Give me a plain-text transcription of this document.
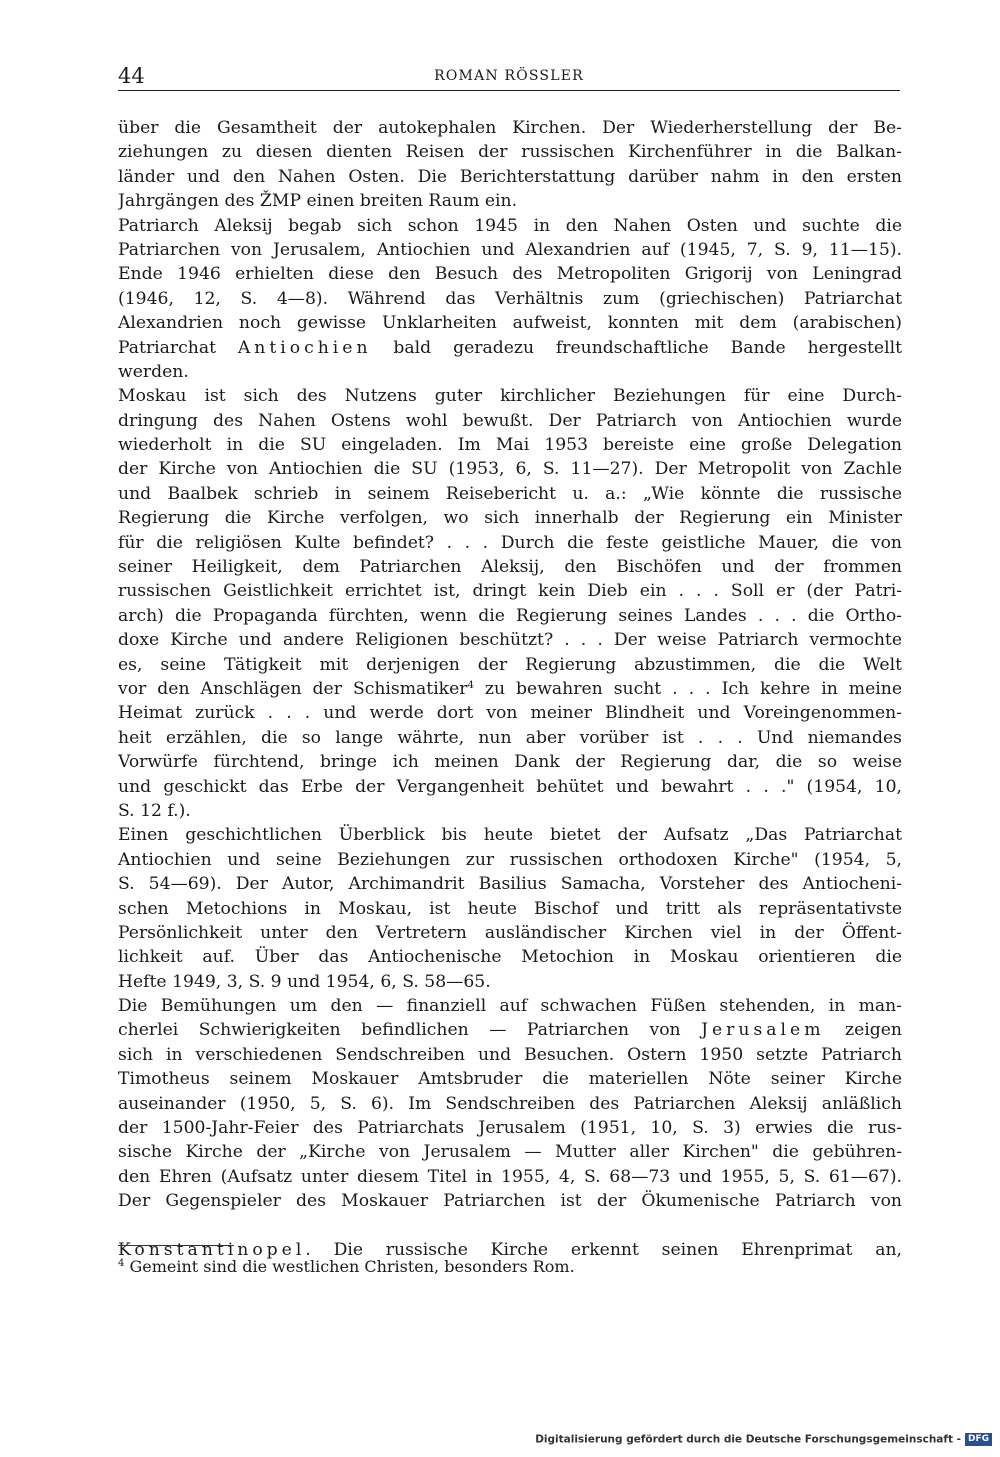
44	ROMAN RÖSSLER
über die Gesamtheit der autokephalen Kirchen. Der Wiederherstellung der Be-
ziehungen zu diesen dienten Reisen der russischen Kirchenführer in die Balkan-
länder und den Nahen Osten. Die Berichterstattung darüber nahm in den ersten
Jahrgängen des ŽMP einen breiten Raum ein.
Patriarch Aleksij begab sich schon 1945 in den Nahen Osten und suchte die
Patriarchen von Jerusalem, Antiochien und Alexandrien auf (1945, 7, S. 9, 11—15).
Ende 1946 erhielten diese den Besuch des Metropoliten Grigorij von Leningrad
(1946, 12, S. 4—8). Während das Verhältnis zum (griechischen) Patriarchat
Alexandrien noch gewisse Unklarheiten aufweist, konnten mit dem (arabischen)
Patriarchat Antiochien bald geradezu freundschaftliche Bande hergestellt
werden.
Moskau ist sich des Nutzens guter kirchlicher Beziehungen für eine Durch-
dringung des Nahen Ostens wohl bewußt. Der Patriarch von Antiochien wurde
wiederholt in die SU eingeladen. Im Mai 1953 bereiste eine große Delegation
der Kirche von Antiochien die SU (1953, 6, S. 11—27). Der Metropolit von Zachle
und Baalbek schrieb in seinem Reisebericht u. a.: „Wie könnte die russische
Regierung die Kirche verfolgen, wo sich innerhalb der Regierung ein Minister
für die religiösen Kulte befindet? . . . Durch die feste geistliche Mauer, die von
seiner Heiligkeit, dem Patriarchen Aleksij, den Bischöfen und der frommen
russischen Geistlichkeit errichtet ist, dringt kein Dieb ein . . . Soll er (der Patri-
arch) die Propaganda fürchten, wenn die Regierung seines Landes . . . die Ortho-
doxe Kirche und andere Religionen beschützt? . . . Der weise Patriarch vermochte
es, seine Tätigkeit mit derjenigen der Regierung abzustimmen, die die Welt
vor den Anschlägen der Schismatiker$^4$ zu bewahren sucht . . . Ich kehre in meine
Heimat zurück . . . und werde dort von meiner Blindheit und Voreingenommen-
heit erzählen, die so lange währte, nun aber vorüber ist . . . Und niemandes
Vorwürfe fürchtend, bringe ich meinen Dank der Regierung dar, die so weise
und geschickt das Erbe der Vergangenheit behütet und bewahrt . . ." (1954, 10,
S. 12 f.).
Einen geschichtlichen Überblick bis heute bietet der Aufsatz „Das Patriarchat
Antiochien und seine Beziehungen zur russischen orthodoxen Kirche" (1954, 5,
S. 54—69). Der Autor, Archimandrit Basilius Samacha, Vorsteher des Antiocheni-
schen Metochions in Moskau, ist heute Bischof und tritt als repräsentativste
Persönlichkeit unter den Vertretern ausländischer Kirchen viel in der Öffent-
lichkeit auf. Über das Antiochenische Metochion in Moskau orientieren die
Hefte 1949, 3, S. 9 und 1954, 6, S. 58—65.
Die Bemühungen um den — finanziell auf schwachen Füßen stehenden, in man-
cherlei Schwierigkeiten befindlichen — Patriarchen von Jerusalem zeigen
sich in verschiedenen Sendschreiben und Besuchen. Ostern 1950 setzte Patriarch
Timotheus seinem Moskauer Amtsbruder die materiellen Nöte seiner Kirche
auseinander (1950, 5, S. 6). Im Sendschreiben des Patriarchen Aleksij anläßlich
der 1500-Jahr-Feier des Patriarchats Jerusalem (1951, 10, S. 3) erwies die rus-
sische Kirche der „Kirche von Jerusalem — Mutter aller Kirchen" die gebühren-
den Ehren (Aufsatz unter diesem Titel in 1955, 4, S. 68—73 und 1955, 5, S. 61—67).
Der Gegenspieler des Moskauer Patriarchen ist der Ökumenische Patriarch von
Konstantinopel. Die russische Kirche erkennt seinen Ehrenprimat an,
$^4$ Gemeint sind die westlichen Christen, besonders Rom.
Digitalisierung gefördert durch die Deutsche Forschungsgemeinschaft - DFG
